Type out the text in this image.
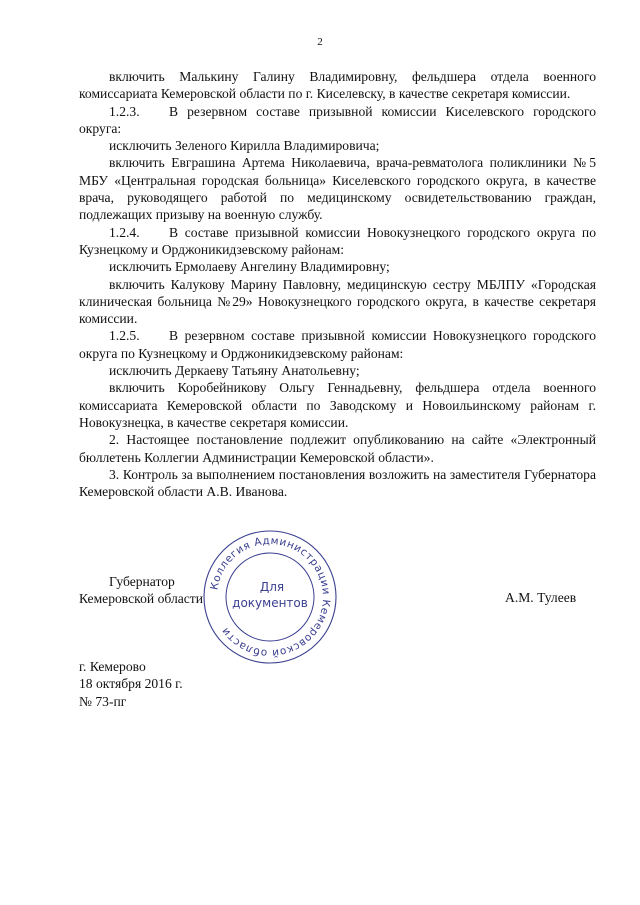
2

включить Малькину Галину Владимировну, фельдшера отдела военного комиссариата Кемеровской области по г. Киселевску, в качестве секретаря комиссии.

1.2.3. В резервном составе призывной комиссии Киселевского городского округа:

исключить Зеленого Кирилла Владимировича;

включить Евграшина Артема Николаевича, врача-ревматолога поликлиники №5 МБУ «Центральная городская больница» Киселевского городского округа, в качестве врача, руководящего работой по медицинскому освидетельствованию граждан, подлежащих призыву на военную службу.

1.2.4. В составе призывной комиссии Новокузнецкого городского округа по Кузнецкому и Орджоникидзевскому районам:

исключить Ермолаеву Ангелину Владимировну;

включить Калукову Марину Павловну, медицинскую сестру МБЛПУ «Городская клиническая больница №29» Новокузнецкого городского округа, в качестве секретаря комиссии.

1.2.5. В резервном составе призывной комиссии Новокузнецкого городского округа по Кузнецкому и Орджоникидзевскому районам:

исключить Деркаеву Татьяну Анатольевну;

включить Коробейникову Ольгу Геннадьевну, фельдшера отдела военного комиссариата Кемеровской области по Заводскому и Новоильинскому районам г. Новокузнецка, в качестве секретаря комиссии.

2. Настоящее постановление подлежит опубликованию на сайте «Электронный бюллетень Коллегии Администрации Кемеровской области».

3. Контроль за выполнением постановления возложить на заместителя Губернатора Кемеровской области А.В. Иванова.

Губернатор
Кемеровской области
Коллегия Администрации Кемеровской области
Для
документов	А.М. Тулеев
г. Кемерово
18 октября 2016 г.
№ 73-пг
